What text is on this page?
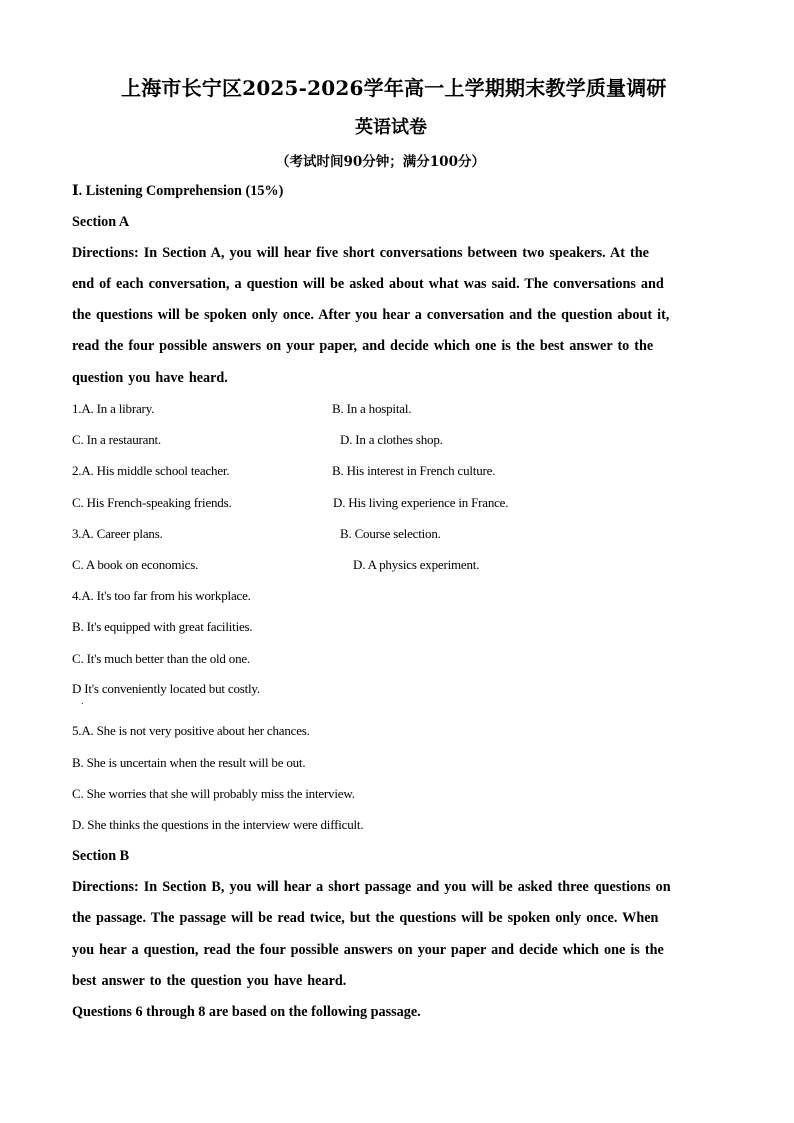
上海市长宁区2025-2026学年高一上学期期末教学质量调研
英语试卷
（考试时间90分钟；满分100分）
Ⅰ. Listening Comprehension (15%)
Section A
Directions: In Section A, you will hear five short conversations between two speakers. At the
end of each conversation, a question will be asked about what was said. The conversations and
the questions will be spoken only once. After you hear a conversation and the question about it,
read the four possible answers on your paper, and decide which one is the best answer to the
question you have heard.
1.A. In a library.	B. In a hospital.
C. In a restaurant.	D. In a clothes shop.
2.A. His middle school teacher.	B. His interest in French culture.
C. His French-speaking friends.	D. His living experience in France.
3.A. Career plans.	B. Course selection.
C. A book on economics.	D. A physics experiment.
4.A. It's too far from his workplace.
B. It's equipped with great facilities.
C. It's much better than the old one.
D It's conveniently located but costly.
.
5.A. She is not very positive about her chances.
B. She is uncertain when the result will be out.
C. She worries that she will probably miss the interview.
D. She thinks the questions in the interview were difficult.
Section B
Directions: In Section B, you will hear a short passage and you will be asked three questions on
the passage. The passage will be read twice, but the questions will be spoken only once. When
you hear a question, read the four possible answers on your paper and decide which one is the
best answer to the question you have heard.
Questions 6 through 8 are based on the following passage.
